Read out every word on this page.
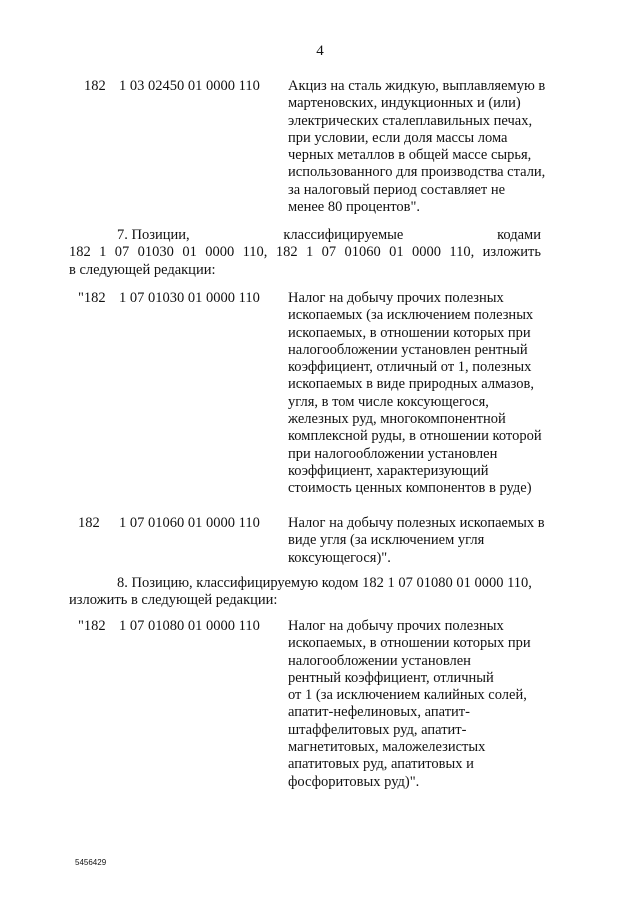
4
182 1 03 02450 01 0000 110 Акциз на сталь жидкую, выплавляемую в
мартеновских, индукционных и (или)
электрических сталеплавильных печах,
при условии, если доля массы лома
черных металлов в общей массе сырья,
использованного для производства стали,
за налоговый период составляет не
менее 80 процентов".
7. Позиции,	классифицируемые	кодами
182 1 07 01030 01 0000 110, 182 1 07 01060 01 0000 110, изложить
в следующей редакции:
"182 1 07 01030 01 0000 110 Налог на добычу прочих полезных
ископаемых (за исключением полезных
ископаемых, в отношении которых при
налогообложении установлен рентный
коэффициент, отличный от 1, полезных
ископаемых в виде природных алмазов,
угля, в том числе коксующегося,
железных руд, многокомпонентной
комплексной руды, в отношении которой
при налогообложении установлен
коэффициент, характеризующий
стоимость ценных компонентов в руде)
182 1 07 01060 01 0000 110 Налог на добычу полезных ископаемых в
виде угля (за исключением угля
коксующегося)".
8. Позицию, классифицируемую кодом 182 1 07 01080 01 0000 110,
изложить в следующей редакции:
"182 1 07 01080 01 0000 110 Налог на добычу прочих полезных
ископаемых, в отношении которых при
налогообложении установлен
рентный коэффициент, отличный
от 1 (за исключением калийных солей,
апатит-нефелиновых, апатит-
штаффелитовых руд, апатит-
магнетитовых, маложелезистых
апатитовых руд, апатитовых и
фосфоритовых руд)".
5456429
